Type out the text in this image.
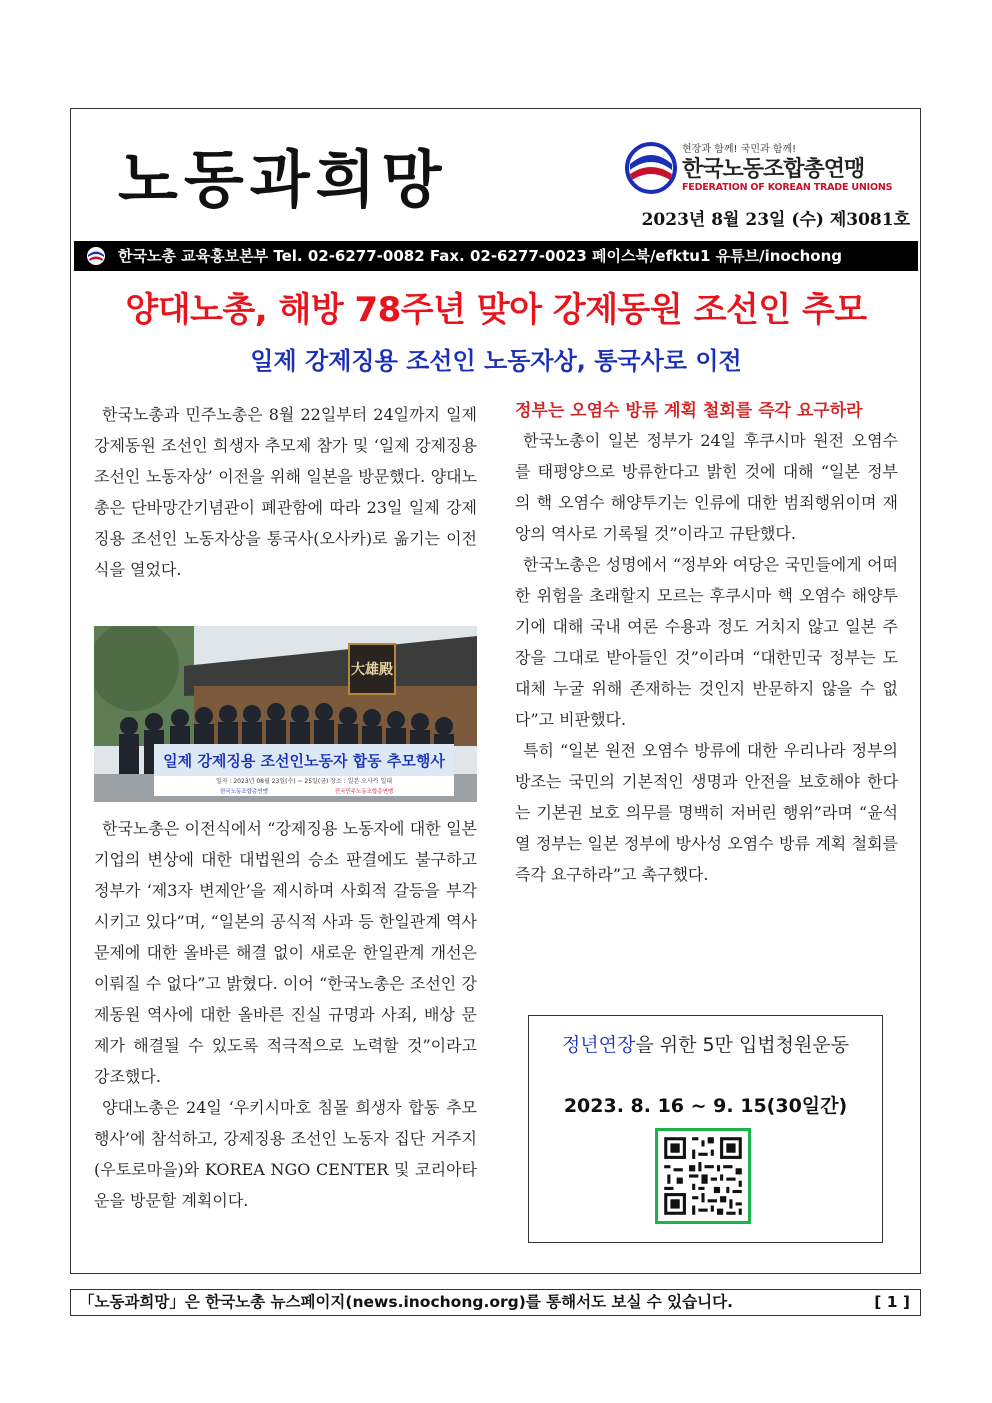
노동과희망	현장과 함께! 국민과 함께!
한국노동조합총연맹
FEDERATION OF KOREAN TRADE UNIONS
2023년 8월 23일 (수) 제3081호
한국노총 교육홍보본부 Tel. 02-6277-0082 Fax. 02-6277-0023 페이스북/efktu1 유튜브/inochong
양대노총, 해방 78주년 맞아 강제동원 조선인 추모
일제 강제징용 조선인 노동자상, 통국사로 이전

한국노총과 민주노총은 8월 22일부터 24일까지 일제 강제동원 조선인 희생자 추모제 참가 및 ‘일제 강제징용 조선인 노동자상’ 이전을 위해 일본을 방문했다. 양대노총은 단바망간기념관이 폐관함에 따라 23일 일제 강제징용 조선인 노동자상을 통국사(오사카)로 옮기는 이전식을 열었다.

大雄殿
일제 강제징용 조선인노동자 합동 추모행사
일자 : 2023년 08월 23일(수) ~ 25일(금) 장소 : 일본 오사카 일대
한국노동조합총연맹	전국민주노동조합총연맹

한국노총은 이전식에서 “강제징용 노동자에 대한 일본 기업의 변상에 대한 대법원의 승소 판결에도 불구하고 정부가 ‘제3자 변제안’을 제시하며 사회적 갈등을 부각시키고 있다”며, “일본의 공식적 사과 등 한일관계 역사 문제에 대한 올바른 해결 없이 새로운 한일관계 개선은 이뤄질 수 없다”고 밝혔다. 이어 “한국노총은 조선인 강제동원 역사에 대한 올바른 진실 규명과 사죄, 배상 문제가 해결될 수 있도록 적극적으로 노력할 것”이라고 강조했다.

양대노총은 24일 ‘우키시마호 침몰 희생자 합동 추모행사’에 참석하고, 강제징용 조선인 노동자 집단 거주지(우토로마을)와 KOREA NGO CENTER 및 코리아타운을 방문할 계획이다.

정부는 오염수 방류 계획 철회를 즉각 요구하라

한국노총이 일본 정부가 24일 후쿠시마 원전 오염수를 태평양으로 방류한다고 밝힌 것에 대해 “일본 정부의 핵 오염수 해양투기는 인류에 대한 범죄행위이며 재앙의 역사로 기록될 것”이라고 규탄했다.

한국노총은 성명에서 “정부와 여당은 국민들에게 어떠한 위험을 초래할지 모르는 후쿠시마 핵 오염수 해양투기에 대해 국내 여론 수용과 정도 거치지 않고 일본 주장을 그대로 받아들인 것”이라며 “대한민국 정부는 도대체 누굴 위해 존재하는 것인지 반문하지 않을 수 없다”고 비판했다.

특히 “일본 원전 오염수 방류에 대한 우리나라 정부의 방조는 국민의 기본적인 생명과 안전을 보호해야 한다는 기본권 보호 의무를 명백히 저버린 행위”라며 “윤석열 정부는 일본 정부에 방사성 오염수 방류 계획 철회를 즉각 요구하라”고 촉구했다.

정년연장을 위한 5만 입법청원운동
2023. 8. 16 ~ 9. 15(30일간)
「노동과희망」은 한국노총 뉴스페이지(news.inochong.org)를 통해서도 보실 수 있습니다.	[ 1 ]
